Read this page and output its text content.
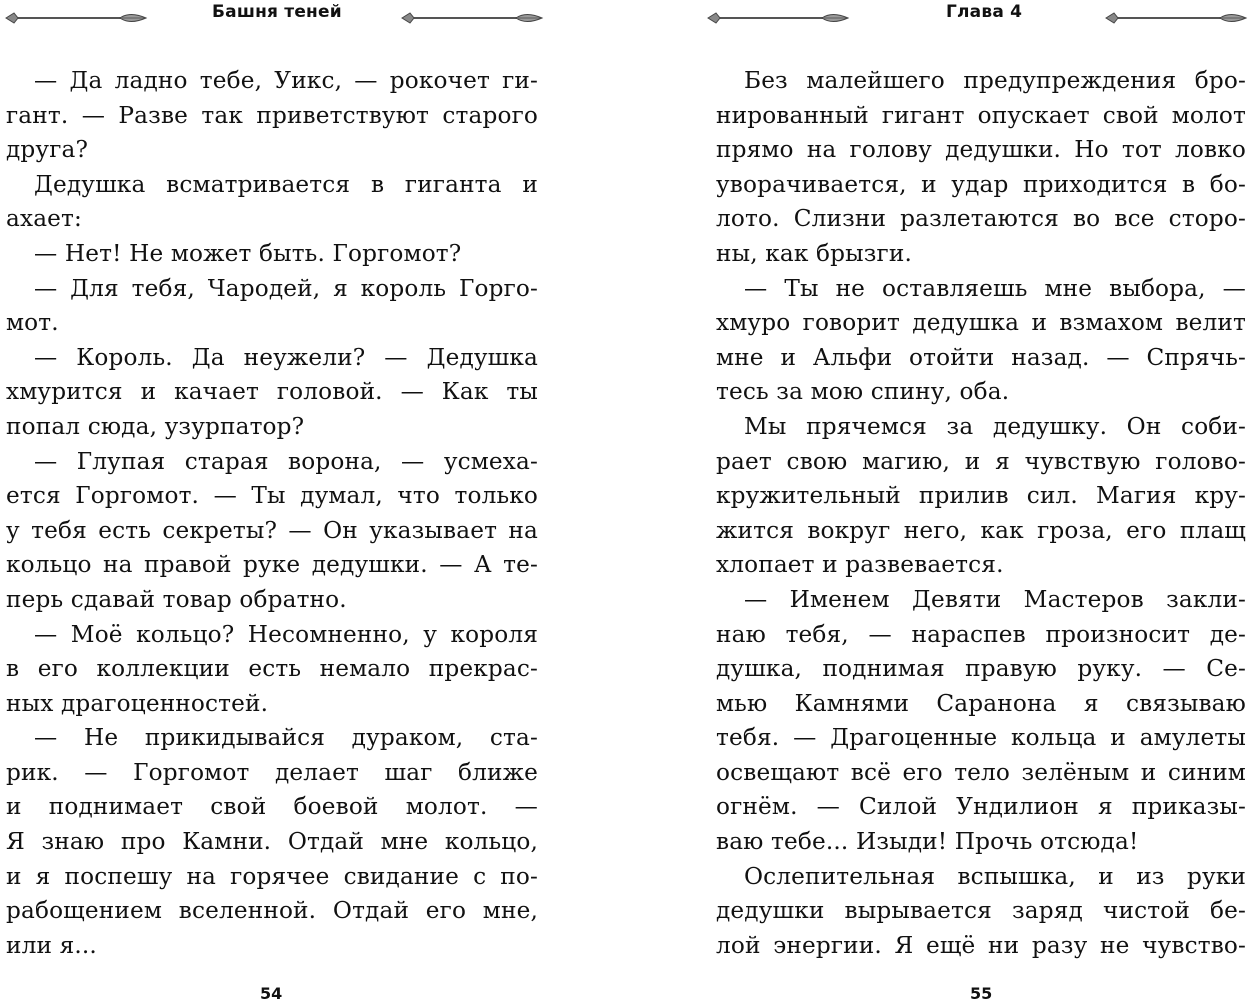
Башня теней
— Да ладно тебе, Уикс, — рокочет ги-
гант. — Разве так приветствуют старого
друга?
Дедушка всматривается в гиганта и
ахает:
— Нет! Не может быть. Горгомот?
— Для тебя, Чародей, я король Горго-
мот.
— Король. Да неужели? — Дедушка
хмурится и качает головой. — Как ты
попал сюда, узурпатор?
— Глупая старая ворона, — усмеха-
ется Горгомот. — Ты думал, что только
у тебя есть секреты? — Он указывает на
кольцо на правой руке дедушки. — А те-
перь сдавай товар обратно.
— Моё кольцо? Несомненно, у короля
в его коллекции есть немало прекрас-
ных драгоценностей.
— Не прикидывайся дураком, ста-
рик. — Горгомот делает шаг ближе
и поднимает свой боевой молот. —
Я знаю про Камни. Отдай мне кольцо,
и я поспешу на горячее свидание с по-
рабощением вселенной. Отдай его мне,
или я...
54
Глава 4
Без малейшего предупреждения бро-
нированный гигант опускает свой молот
прямо на голову дедушки. Но тот ловко
уворачивается, и удар приходится в бо-
лото. Слизни разлетаются во все сторо-
ны, как брызги.
— Ты не оставляешь мне выбора, —
хмуро говорит дедушка и взмахом велит
мне и Альфи отойти назад. — Спрячь-
тесь за мою спину, оба.
Мы прячемся за дедушку. Он соби-
рает свою магию, и я чувствую голово-
кружительный прилив сил. Магия кру-
жится вокруг него, как гроза, его плащ
хлопает и развевается.
— Именем Девяти Мастеров закли-
наю тебя, — нараспев произносит де-
душка, поднимая правую руку. — Се-
мью Камнями Саранона я связываю
тебя. — Драгоценные кольца и амулеты
освещают всё его тело зелёным и синим
огнём. — Силой Ундилион я приказы-
ваю тебе... Изыди! Прочь отсюда!
Ослепительная вспышка, и из руки
дедушки вырывается заряд чистой бе-
лой энергии. Я ещё ни разу не чувство-
55
